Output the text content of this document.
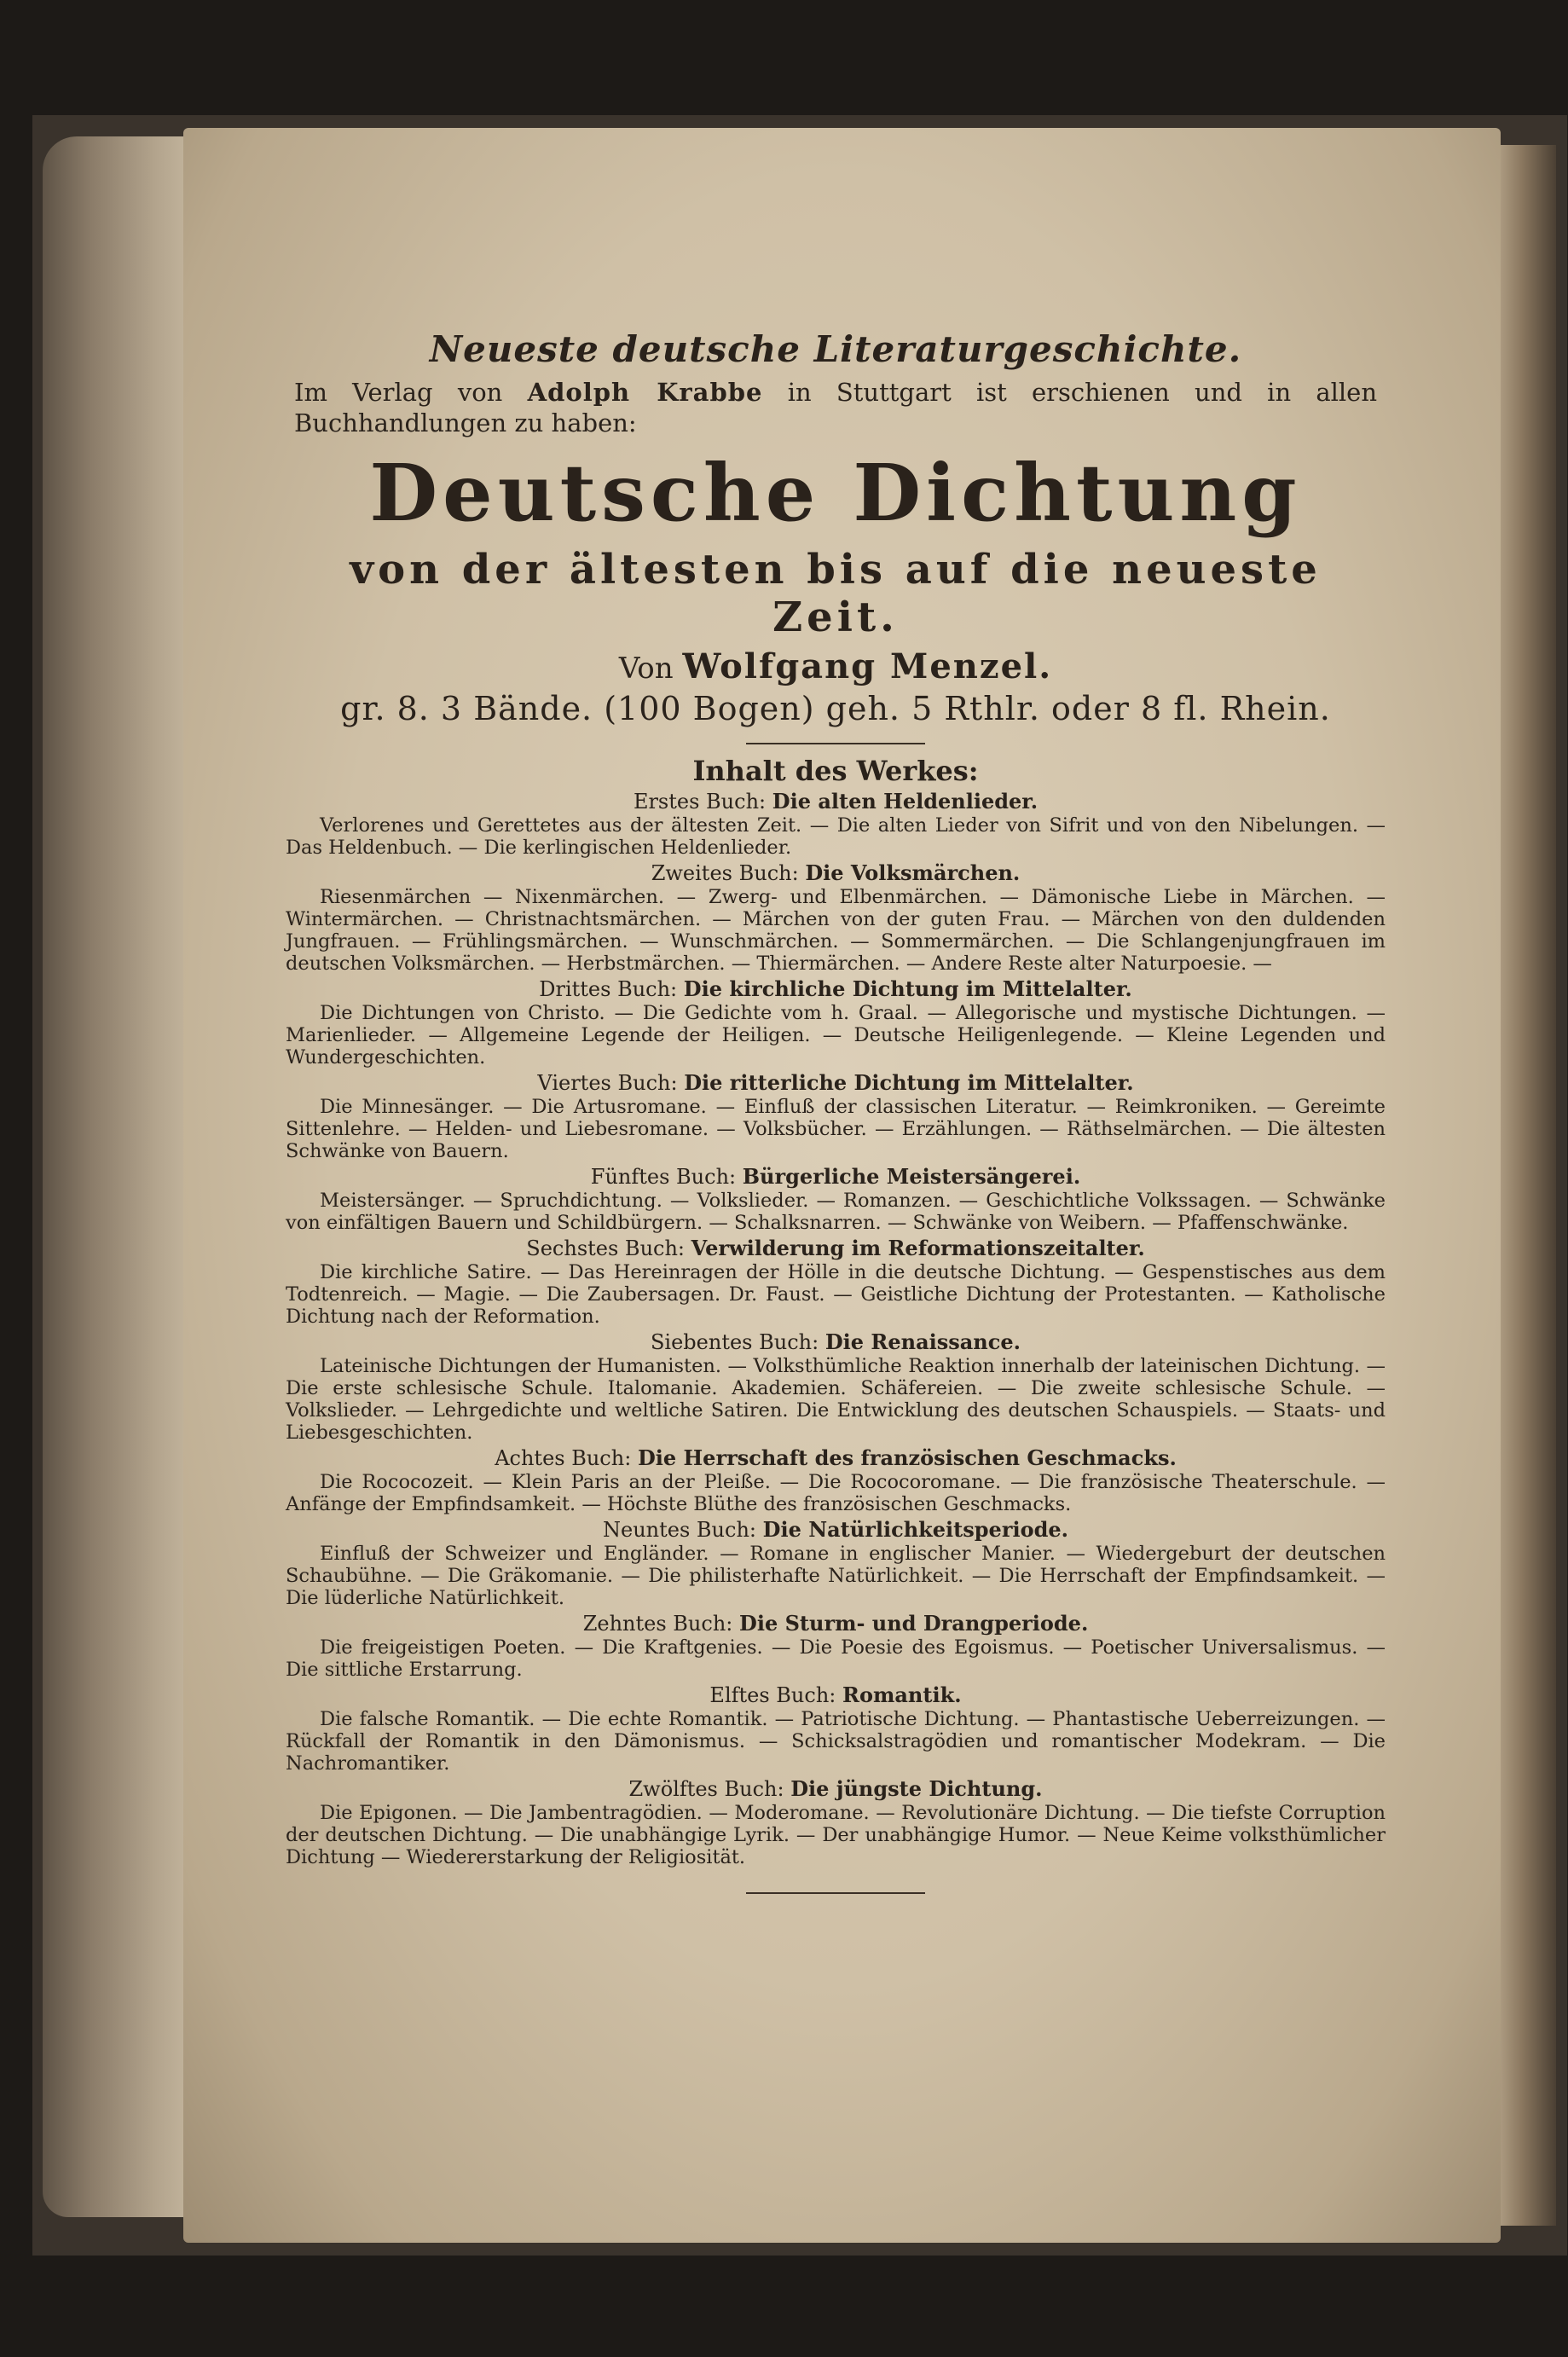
Neueste deutsche Literaturgeschichte.
Im Verlag von Adolph Krabbe in Stuttgart ist erschienen und in allen Buchhandlungen zu haben:
Deutsche Dichtung
von der ältesten bis auf die neueste Zeit.
Von Wolfgang Menzel.
gr. 8. 3 Bände. (100 Bogen) geh. 5 Rthlr. oder 8 fl. Rhein.
Inhalt des Werkes:
Erstes Buch: Die alten Heldenlieder.

Verlorenes und Gerettetes aus der ältesten Zeit. — Die alten Lieder von Sifrit und von den Nibelungen. — Das Heldenbuch. — Die kerlingischen Heldenlieder.

Zweites Buch: Die Volksmärchen.

Riesenmärchen — Nixenmärchen. — Zwerg- und Elbenmärchen. — Dämonische Liebe in Märchen. — Wintermärchen. — Christnachtsmärchen. — Märchen von der guten Frau. — Märchen von den duldenden Jungfrauen. — Frühlingsmärchen. — Wunschmärchen. — Sommermärchen. — Die Schlangenjungfrauen im deutschen Volksmärchen. — Herbstmärchen. — Thiermärchen. — Andere Reste alter Naturpoesie. —

Drittes Buch: Die kirchliche Dichtung im Mittelalter.

Die Dichtungen von Christo. — Die Gedichte vom h. Graal. — Allegorische und mystische Dichtungen. — Marienlieder. — Allgemeine Legende der Heiligen. — Deutsche Heiligenlegende. — Kleine Legenden und Wundergeschichten.

Viertes Buch: Die ritterliche Dichtung im Mittelalter.

Die Minnesänger. — Die Artusromane. — Einfluß der classischen Literatur. — Reimkroniken. — Gereimte Sittenlehre. — Helden- und Liebesromane. — Volksbücher. — Erzählungen. — Räthselmärchen. — Die ältesten Schwänke von Bauern.

Fünftes Buch: Bürgerliche Meistersängerei.

Meistersänger. — Spruchdichtung. — Volkslieder. — Romanzen. — Geschichtliche Volkssagen. — Schwänke von einfältigen Bauern und Schildbürgern. — Schalksnarren. — Schwänke von Weibern. — Pfaffenschwänke.

Sechstes Buch: Verwilderung im Reformationszeitalter.

Die kirchliche Satire. — Das Hereinragen der Hölle in die deutsche Dichtung. — Gespenstisches aus dem Todtenreich. — Magie. — Die Zaubersagen. Dr. Faust. — Geistliche Dichtung der Protestanten. — Katholische Dichtung nach der Reformation.

Siebentes Buch: Die Renaissance.

Lateinische Dichtungen der Humanisten. — Volksthümliche Reaktion innerhalb der lateinischen Dichtung. — Die erste schlesische Schule. Italomanie. Akademien. Schäfereien. — Die zweite schlesische Schule. — Volkslieder. — Lehrgedichte und weltliche Satiren. Die Entwicklung des deutschen Schauspiels. — Staats- und Liebesgeschichten.

Achtes Buch: Die Herrschaft des französischen Geschmacks.

Die Rococozeit. — Klein Paris an der Pleiße. — Die Rococoromane. — Die französische Theaterschule. — Anfänge der Empfindsamkeit. — Höchste Blüthe des französischen Geschmacks.

Neuntes Buch: Die Natürlichkeitsperiode.

Einfluß der Schweizer und Engländer. — Romane in englischer Manier. — Wiedergeburt der deutschen Schaubühne. — Die Gräkomanie. — Die philisterhafte Natürlichkeit. — Die Herrschaft der Empfindsamkeit. — Die lüderliche Natürlichkeit.

Zehntes Buch: Die Sturm- und Drangperiode.

Die freigeistigen Poeten. — Die Kraftgenies. — Die Poesie des Egoismus. — Poetischer Universalismus. — Die sittliche Erstarrung.

Elftes Buch: Romantik.

Die falsche Romantik. — Die echte Romantik. — Patriotische Dichtung. — Phantastische Ueberreizungen. — Rückfall der Romantik in den Dämonismus. — Schicksalstragödien und romantischer Modekram. — Die Nachromantiker.

Zwölftes Buch: Die jüngste Dichtung.

Die Epigonen. — Die Jambentragödien. — Moderomane. — Revolutionäre Dichtung. — Die tiefste Corruption der deutschen Dichtung. — Die unabhängige Lyrik. — Der unabhängige Humor. — Neue Keime volksthümlicher Dichtung — Wiedererstarkung der Religiosität.
